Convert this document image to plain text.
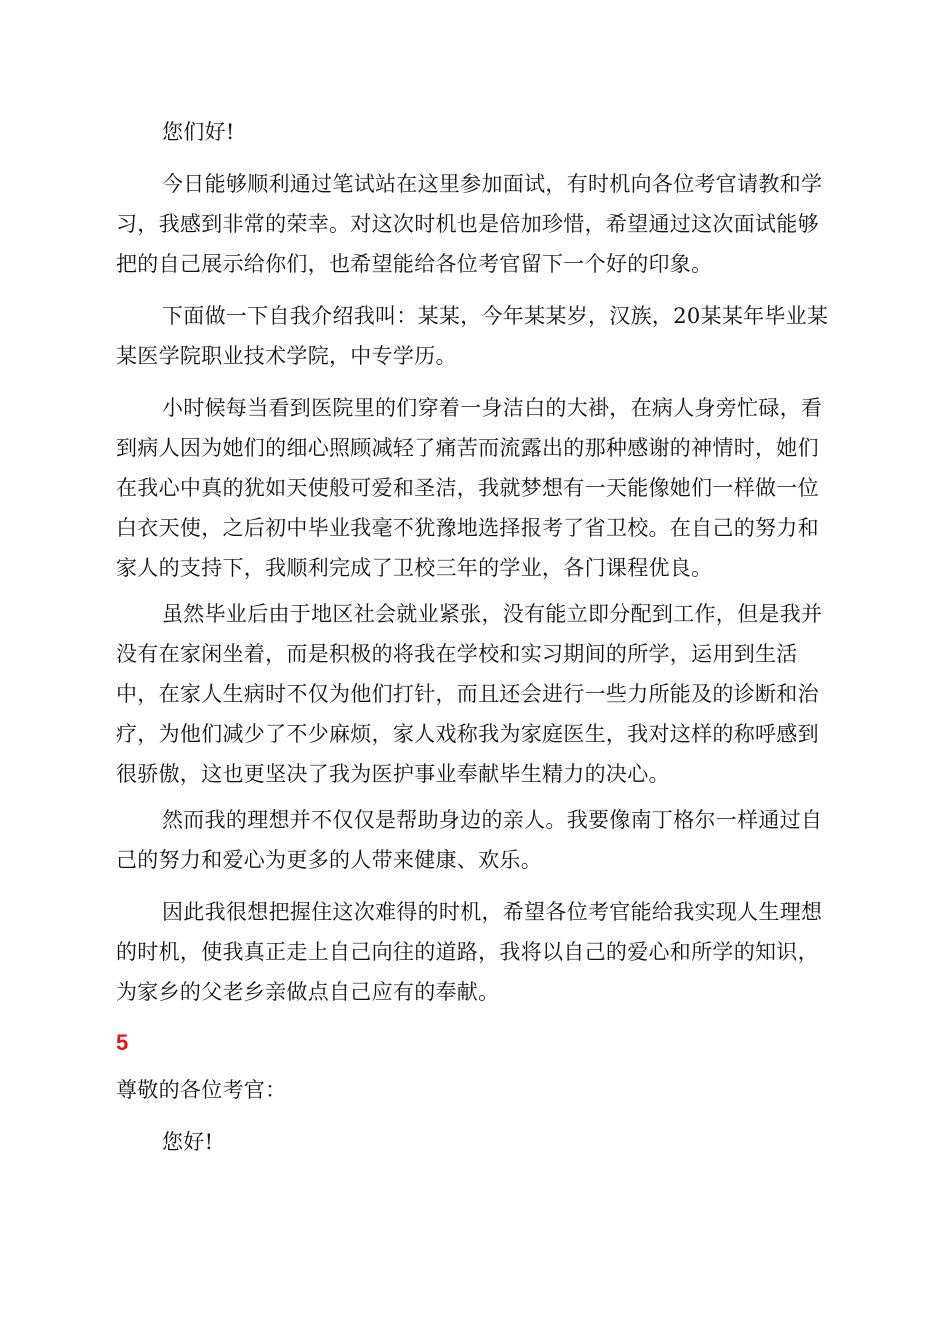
您们好!
今日能够顺利通过笔试站在这里参加面试，有时机向各位考官请教和学习，我感到非常的荣幸。对这次时机也是倍加珍惜，希望通过这次面试能够把的自己展示给你们，也希望能给各位考官留下一个好的印象。
下面做一下自我介绍我叫：某某，今年某某岁，汉族，20某某年毕业某某医学院职业技术学院，中专学历。
小时候每当看到医院里的们穿着一身洁白的大褂，在病人身旁忙碌，看到病人因为她们的细心照顾减轻了痛苦而流露出的那种感谢的神情时，她们在我心中真的犹如天使般可爱和圣洁，我就梦想有一天能像她们一样做一位白衣天使，之后初中毕业我毫不犹豫地选择报考了省卫校。在自己的努力和家人的支持下，我顺利完成了卫校三年的学业，各门课程优良。
虽然毕业后由于地区社会就业紧张，没有能立即分配到工作，但是我并没有在家闲坐着，而是积极的将我在学校和实习期间的所学，运用到生活中，在家人生病时不仅为他们打针，而且还会进行一些力所能及的诊断和治疗，为他们减少了不少麻烦，家人戏称我为家庭医生，我对这样的称呼感到很骄傲，这也更坚决了我为医护事业奉献毕生精力的决心。
然而我的理想并不仅仅是帮助身边的亲人。我要像南丁格尔一样通过自己的努力和爱心为更多的人带来健康、欢乐。
因此我很想把握住这次难得的时机，希望各位考官能给我实现人生理想的时机，使我真正走上自己向往的道路，我将以自己的爱心和所学的知识，为家乡的父老乡亲做点自己应有的奉献。
5
尊敬的各位考官：
您好!
